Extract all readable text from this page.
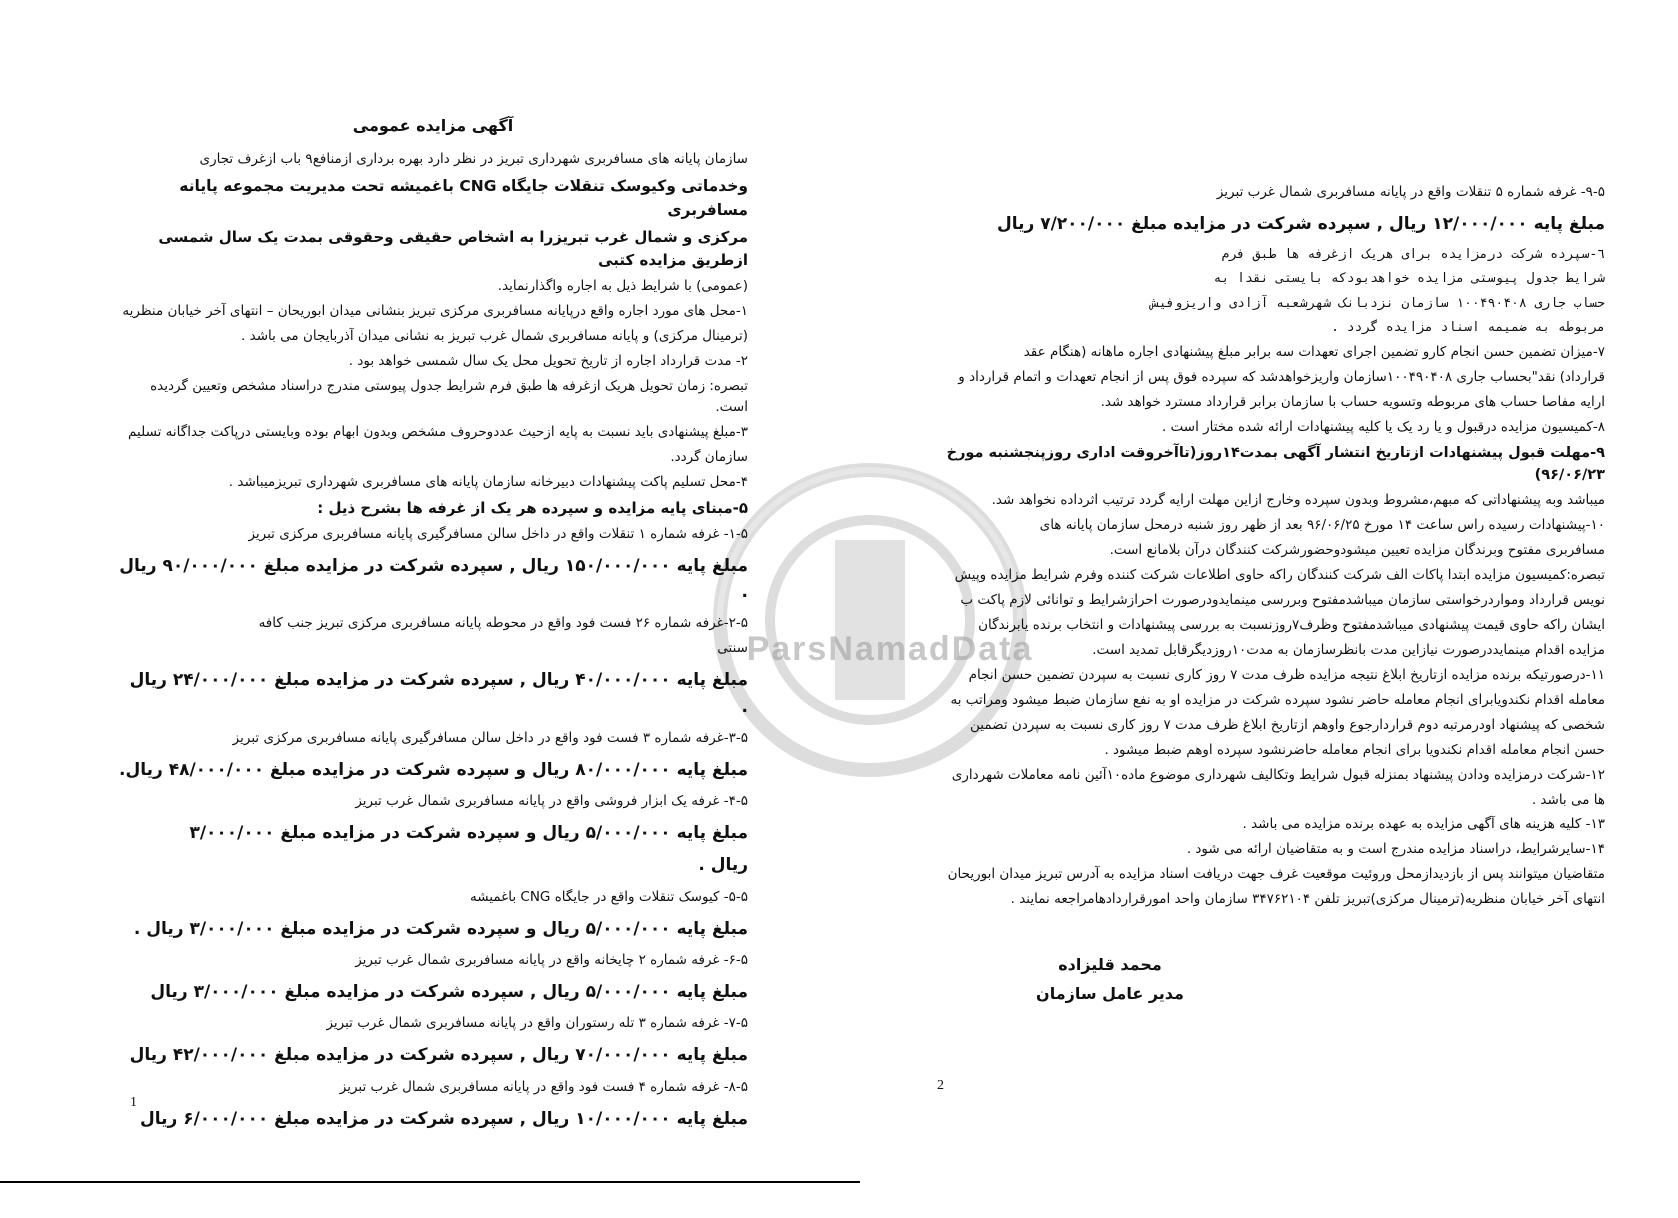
ParsNamadData

آگهی مزایده عمومی

سازمان پایانه های مسافربری شهرداری تبریز در نظر دارد بهره برداری ازمنافع۹ باب ازغرف تجاری

وخدماتی وکیوسک تنقلات جایگاه CNG باغمیشه تحت مدیریت مجموعه پایانه مسافربری

مرکزی و شمال غرب تبریزرا به اشخاص حقیقی وحقوقی بمدت یک سال شمسی ازطریق مزایده کتبی

(عمومی) با شرایط ذیل به اجاره واگذارنماید.

۱-محل های مورد اجاره واقع درپایانه مسافربری مرکزی تبریز بنشانی میدان ابوریحان – انتهای آخر خیابان منظریه

(ترمینال مرکزی) و پایانه مسافربری شمال غرب تبریز به نشانی میدان آذربایجان می باشد .

۲- مدت قرارداد اجاره از تاریخ تحویل محل یک سال شمسی خواهد بود .

تبصره: زمان تحویل هریک ازغرفه ها طبق فرم شرایط جدول پیوستی مندرج دراسناد مشخص وتعیین گردیده است.

۳-مبلغ پیشنهادی باید نسبت به پایه ازحیث عددوحروف مشخص وبدون ابهام بوده وبایستی درپاکت جداگانه تسلیم

سازمان گردد.

۴-محل تسلیم پاکت پیشنهادات دبیرخانه سازمان پایانه های مسافربری شهرداری تبریزمیباشد .

۵-مبنای پایه مزایده و سپرده هر یک از غرفه ها بشرح ذیل :

۱-۵- غرفه شماره ۱ تنقلات واقع در داخل سالن مسافرگیری پایانه مسافربری مرکزی تبریز

مبلغ پایه ۱۵۰/۰۰۰/۰۰۰ ریال , سپرده شرکت در مزایده مبلغ ۹۰/۰۰۰/۰۰۰ ریال .

۲-۵-غرفه شماره ۲۶ فست فود واقع در محوطه پایانه مسافربری مرکزی تبریز جنب کافه

سنتی

مبلغ پایه ۴۰/۰۰۰/۰۰۰ ریال , سپرده شرکت در مزایده مبلغ ۲۴/۰۰۰/۰۰۰ ریال .

۳-۵-غرفه شماره ۳ فست فود واقع در داخل سالن مسافرگیری پایانه مسافربری مرکزی تبریز

مبلغ پایه ۸۰/۰۰۰/۰۰۰ ریال و سپرده شرکت در مزایده مبلغ ۴۸/۰۰۰/۰۰۰ ریال.

۴-۵- غرفه یک ابزار فروشی واقع در پایانه مسافربری شمال غرب تبریز

مبلغ پایه ۵/۰۰۰/۰۰۰ ریال و سپرده شرکت در مزایده مبلغ ۳/۰۰۰/۰۰۰

ریال .

۵-۵- کیوسک تنقلات واقع در جایگاه CNG باغمیشه

مبلغ پایه ۵/۰۰۰/۰۰۰ ریال و سپرده شرکت در مزایده مبلغ ۳/۰۰۰/۰۰۰ ریال .

۶-۵- غرفه شماره ۲ چایخانه واقع در پایانه مسافربری شمال غرب تبریز

مبلغ پایه ۵/۰۰۰/۰۰۰ ریال , سپرده شرکت در مزایده مبلغ ۳/۰۰۰/۰۰۰ ریال

۷-۵- غرفه شماره ۳ تله رستوران واقع در پایانه مسافربری شمال غرب تبریز

مبلغ پایه ۷۰/۰۰۰/۰۰۰ ریال , سپرده شرکت در مزایده مبلغ ۴۲/۰۰۰/۰۰۰ ریال

۸-۵- غرفه شماره ۴ فست فود واقع در پایانه مسافربری شمال غرب تبریز

مبلغ پایه ۱۰/۰۰۰/۰۰۰ ریال , سپرده شرکت در مزایده مبلغ ۶/۰۰۰/۰۰۰ ریال

۹-۵- غرفه شماره ۵ تنقلات واقع در پایانه مسافربری شمال غرب تبریز

مبلغ پایه ۱۲/۰۰۰/۰۰۰ ریال , سپرده شرکت در مزایده مبلغ ۷/۲۰۰/۰۰۰ ریال

٦-سپرده شرکت درمزایده برای هریک ازغرفه ها طبق فرم

شرایط جدول پیوستی مزایده خواهدبودکه بایستی نقدا به

حساب جاری ۱۰۰۴۹۰۴۰۸ سازمان نزدبانک شهرشعبه آزادی واریزوفیش

مربوطه به ضمیمه اسناد مزایده گردد .

۷-میزان تضمین حسن انجام کارو تضمین اجرای تعهدات سه برابر مبلغ پیشنهادی اجاره ماهانه (هنگام عقد

قرارداد) نقد"بحساب جاری ۱۰۰۴۹۰۴۰۸سازمان واریزخواهدشد که سپرده فوق پس از انجام تعهدات و اتمام قرارداد و

ارایه مفاصا حساب های مربوطه وتسویه حساب با سازمان برابر قرارداد مسترد خواهد شد.

۸-کمیسیون مزایده درقبول و یا رد یک یا کلیه پیشنهادات ارائه شده مختار است .

۹-مهلت قبول پیشنهادات ازتاریخ انتشار آگهی بمدت۱۴روز(تاآخروقت اداری روزپنجشنبه مورخ ۹۶/۰۶/۲۳)

میباشد وبه پیشنهاداتی که مبهم،مشروط وبدون سپرده وخارج ازاین مهلت ارایه گردد ترتیب اثرداده نخواهد شد.

۱۰-پیشنهادات رسیده راس ساعت ۱۴ مورخ ۹۶/۰۶/۲۵ بعد از ظهر روز شنبه درمحل سازمان پایانه های

مسافربری مفتوح وبرندگان مزایده تعیین میشودوحضورشرکت کنندگان درآن بلامانع است.

تبصره:کمیسیون مزایده ابتدا پاکات الف شرکت کنندگان راکه حاوی اطلاعات شرکت کننده وفرم شرایط مزایده وپیش

نویس قرارداد ومواردرخواستی سازمان میباشدمفتوح وبررسی مینمایدودرصورت احرازشرایط و توانائی لازم پاکت ب

ایشان راکه حاوی قیمت پیشنهادی میباشدمفتوح وظرف۷روزنسبت به بررسی پیشنهادات و انتخاب برنده یابرندگان

مزایده اقدام مینمایددرصورت نیازاین مدت بانظرسازمان به مدت۱۰روزدیگرقابل تمدید است.

۱۱-درصورتیکه برنده مزایده ازتاریخ ابلاغ نتیجه مزایده ظرف مدت ۷ روز کاری نسبت به سپردن تضمین حسن انجام

معامله اقدام نکندویابرای انجام معامله حاضر نشود سپرده شرکت در مزایده او به نفع سازمان ضبط میشود ومراتب به

شخصی که پیشنهاد اودرمرتبه دوم قراردارجوع واوهم ازتاریخ ابلاغ ظرف مدت ۷ روز کاری نسبت به سپردن تضمین

حسن انجام معامله اقدام نکندویا برای انجام معامله حاضرنشود سپرده اوهم ضبط میشود .

۱۲-شرکت درمزایده ودادن پیشنهاد بمنزله قبول شرایط وتکالیف شهرداری موضوع ماده۱۰آئین نامه معاملات شهرداری

ها می باشد .

۱۳- کلیه هزینه های آگهی مزایده به عهده برنده مزایده می باشد .

۱۴-سایرشرایط، دراسناد مزایده مندرج است و به متقاضیان ارائه می شود .

متقاضیان میتوانند پس از بازدیدازمحل وروئیت موقعیت غرف جهت دریافت اسناد مزایده به آدرس تبریز میدان ابوریحان

انتهای آخر خیابان منظریه(ترمینال مرکزی)تبریز تلفن ۳۴۷۶۲۱۰۴ سازمان واحد امورقراردادهامراجعه نمایند .

محمد قلیزاده

مدیر عامل سازمان

1
2
